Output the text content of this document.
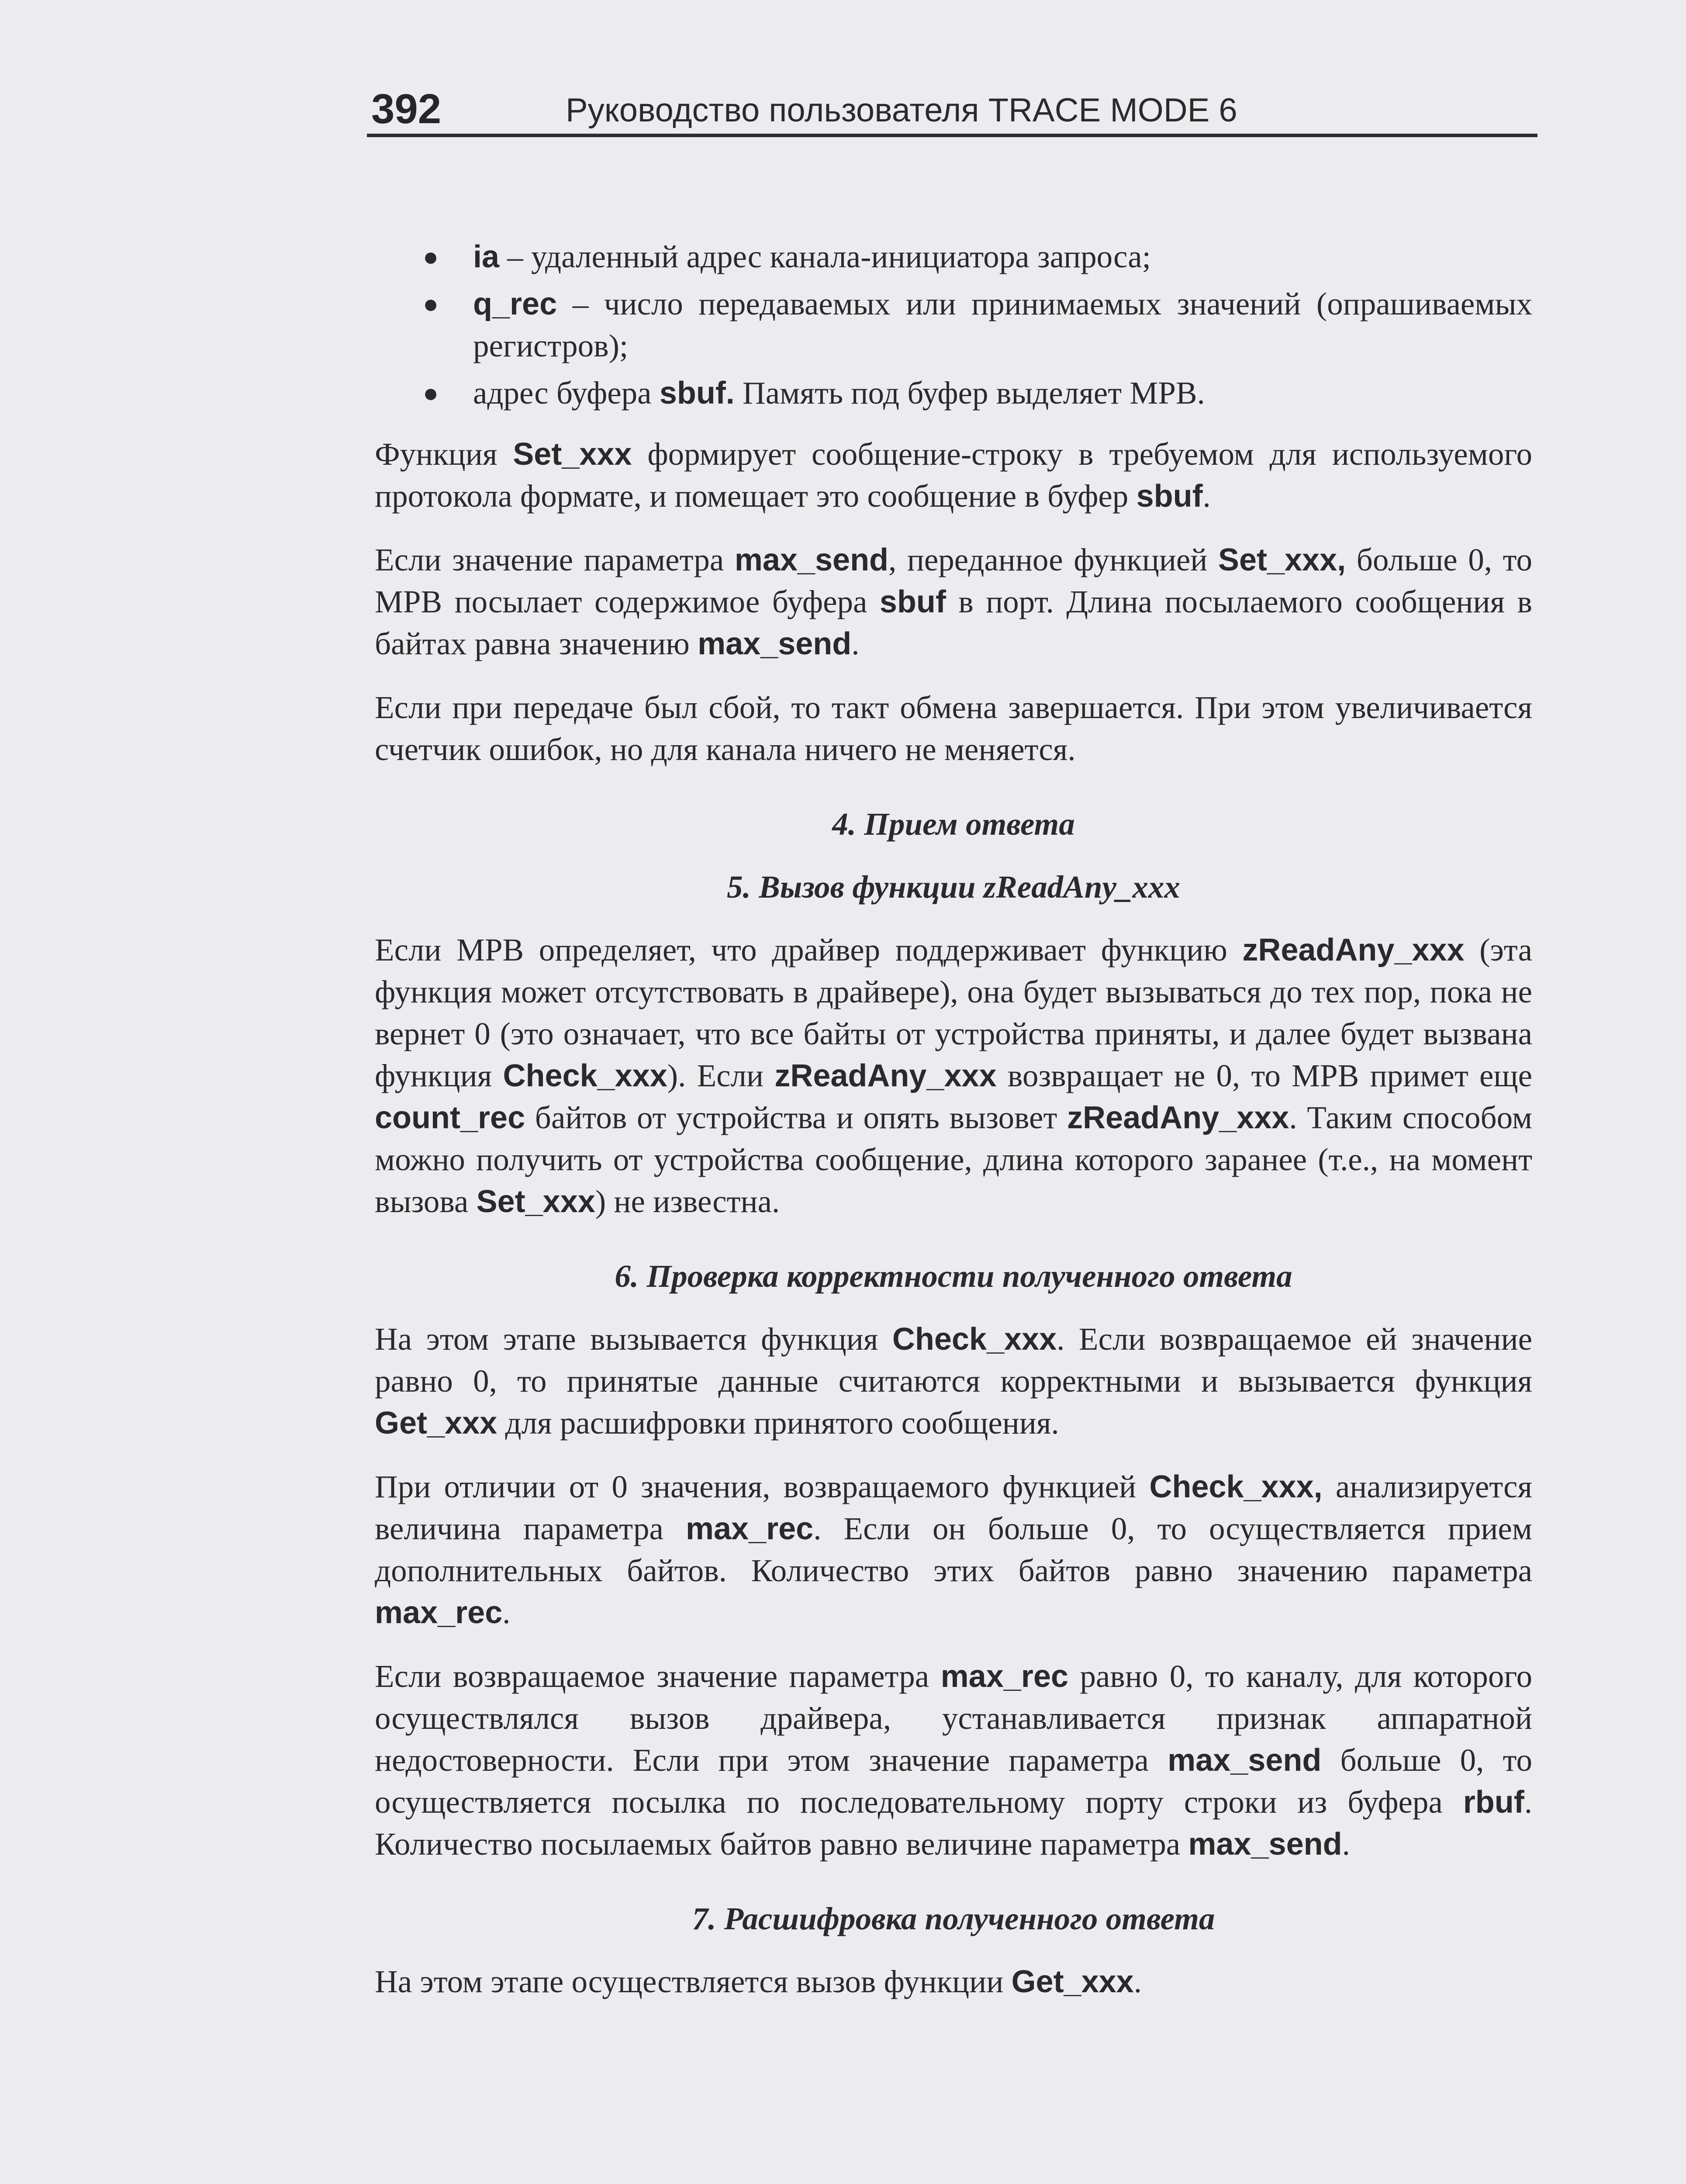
392	Руководство пользователя TRACE MODE 6
● ia – удаленный адрес канала-инициатора запроса;
● q_rec – число передаваемых или принимаемых значений (опрашиваемых регистров);
● адрес буфера sbuf. Память под буфер выделяет МРВ.

Функция Set_xxx формирует сообщение-строку в требуемом для используемого протокола формате, и помещает это сообщение в буфер sbuf.

Если значение параметра max_send, переданное функцией Set_xxx, больше 0, то МРВ посылает содержимое буфера sbuf в порт. Длина посылаемого сообщения в байтах равна значению max_send.

Если при передаче был сбой, то такт обмена завершается. При этом увеличивается счетчик ошибок, но для канала ничего не меняется.

4. Прием ответа
5. Вызов функции zReadAny_xxx

Если МРВ определяет, что драйвер поддерживает функцию zReadAny_xxx (эта функция может отсутствовать в драйвере), она будет вызываться до тех пор, пока не вернет 0 (это означает, что все байты от устройства приняты, и далее будет вызвана функция Check_xxx). Если zReadAny_xxx возвращает не 0, то МРВ примет еще count_rec байтов от устройства и опять вызовет zReadAny_xxx. Таким способом можно получить от устройства сообщение, длина которого заранее (т.е., на момент вызова Set_xxx) не известна.

6. Проверка корректности полученного ответа

На этом этапе вызывается функция Check_xxx. Если возвращаемое ей значение равно 0, то принятые данные считаются корректными и вызывается функция Get_xxx для расшифровки принятого сообщения.

При отличии от 0 значения, возвращаемого функцией Check_xxx, анализируется величина параметра max_rec. Если он больше 0, то осуществляется прием дополнительных байтов. Количество этих байтов равно значению параметра max_rec.

Если возвращаемое значение параметра max_rec равно 0, то каналу, для которого осуществлялся вызов драйвера, устанавливается признак аппаратной недостоверности. Если при этом значение параметра max_send больше 0, то осуществляется посылка по последовательному порту строки из буфера rbuf. Количество посылаемых байтов равно величине параметра max_send.

7. Расшифровка полученного ответа

На этом этапе осуществляется вызов функции Get_xxx.
